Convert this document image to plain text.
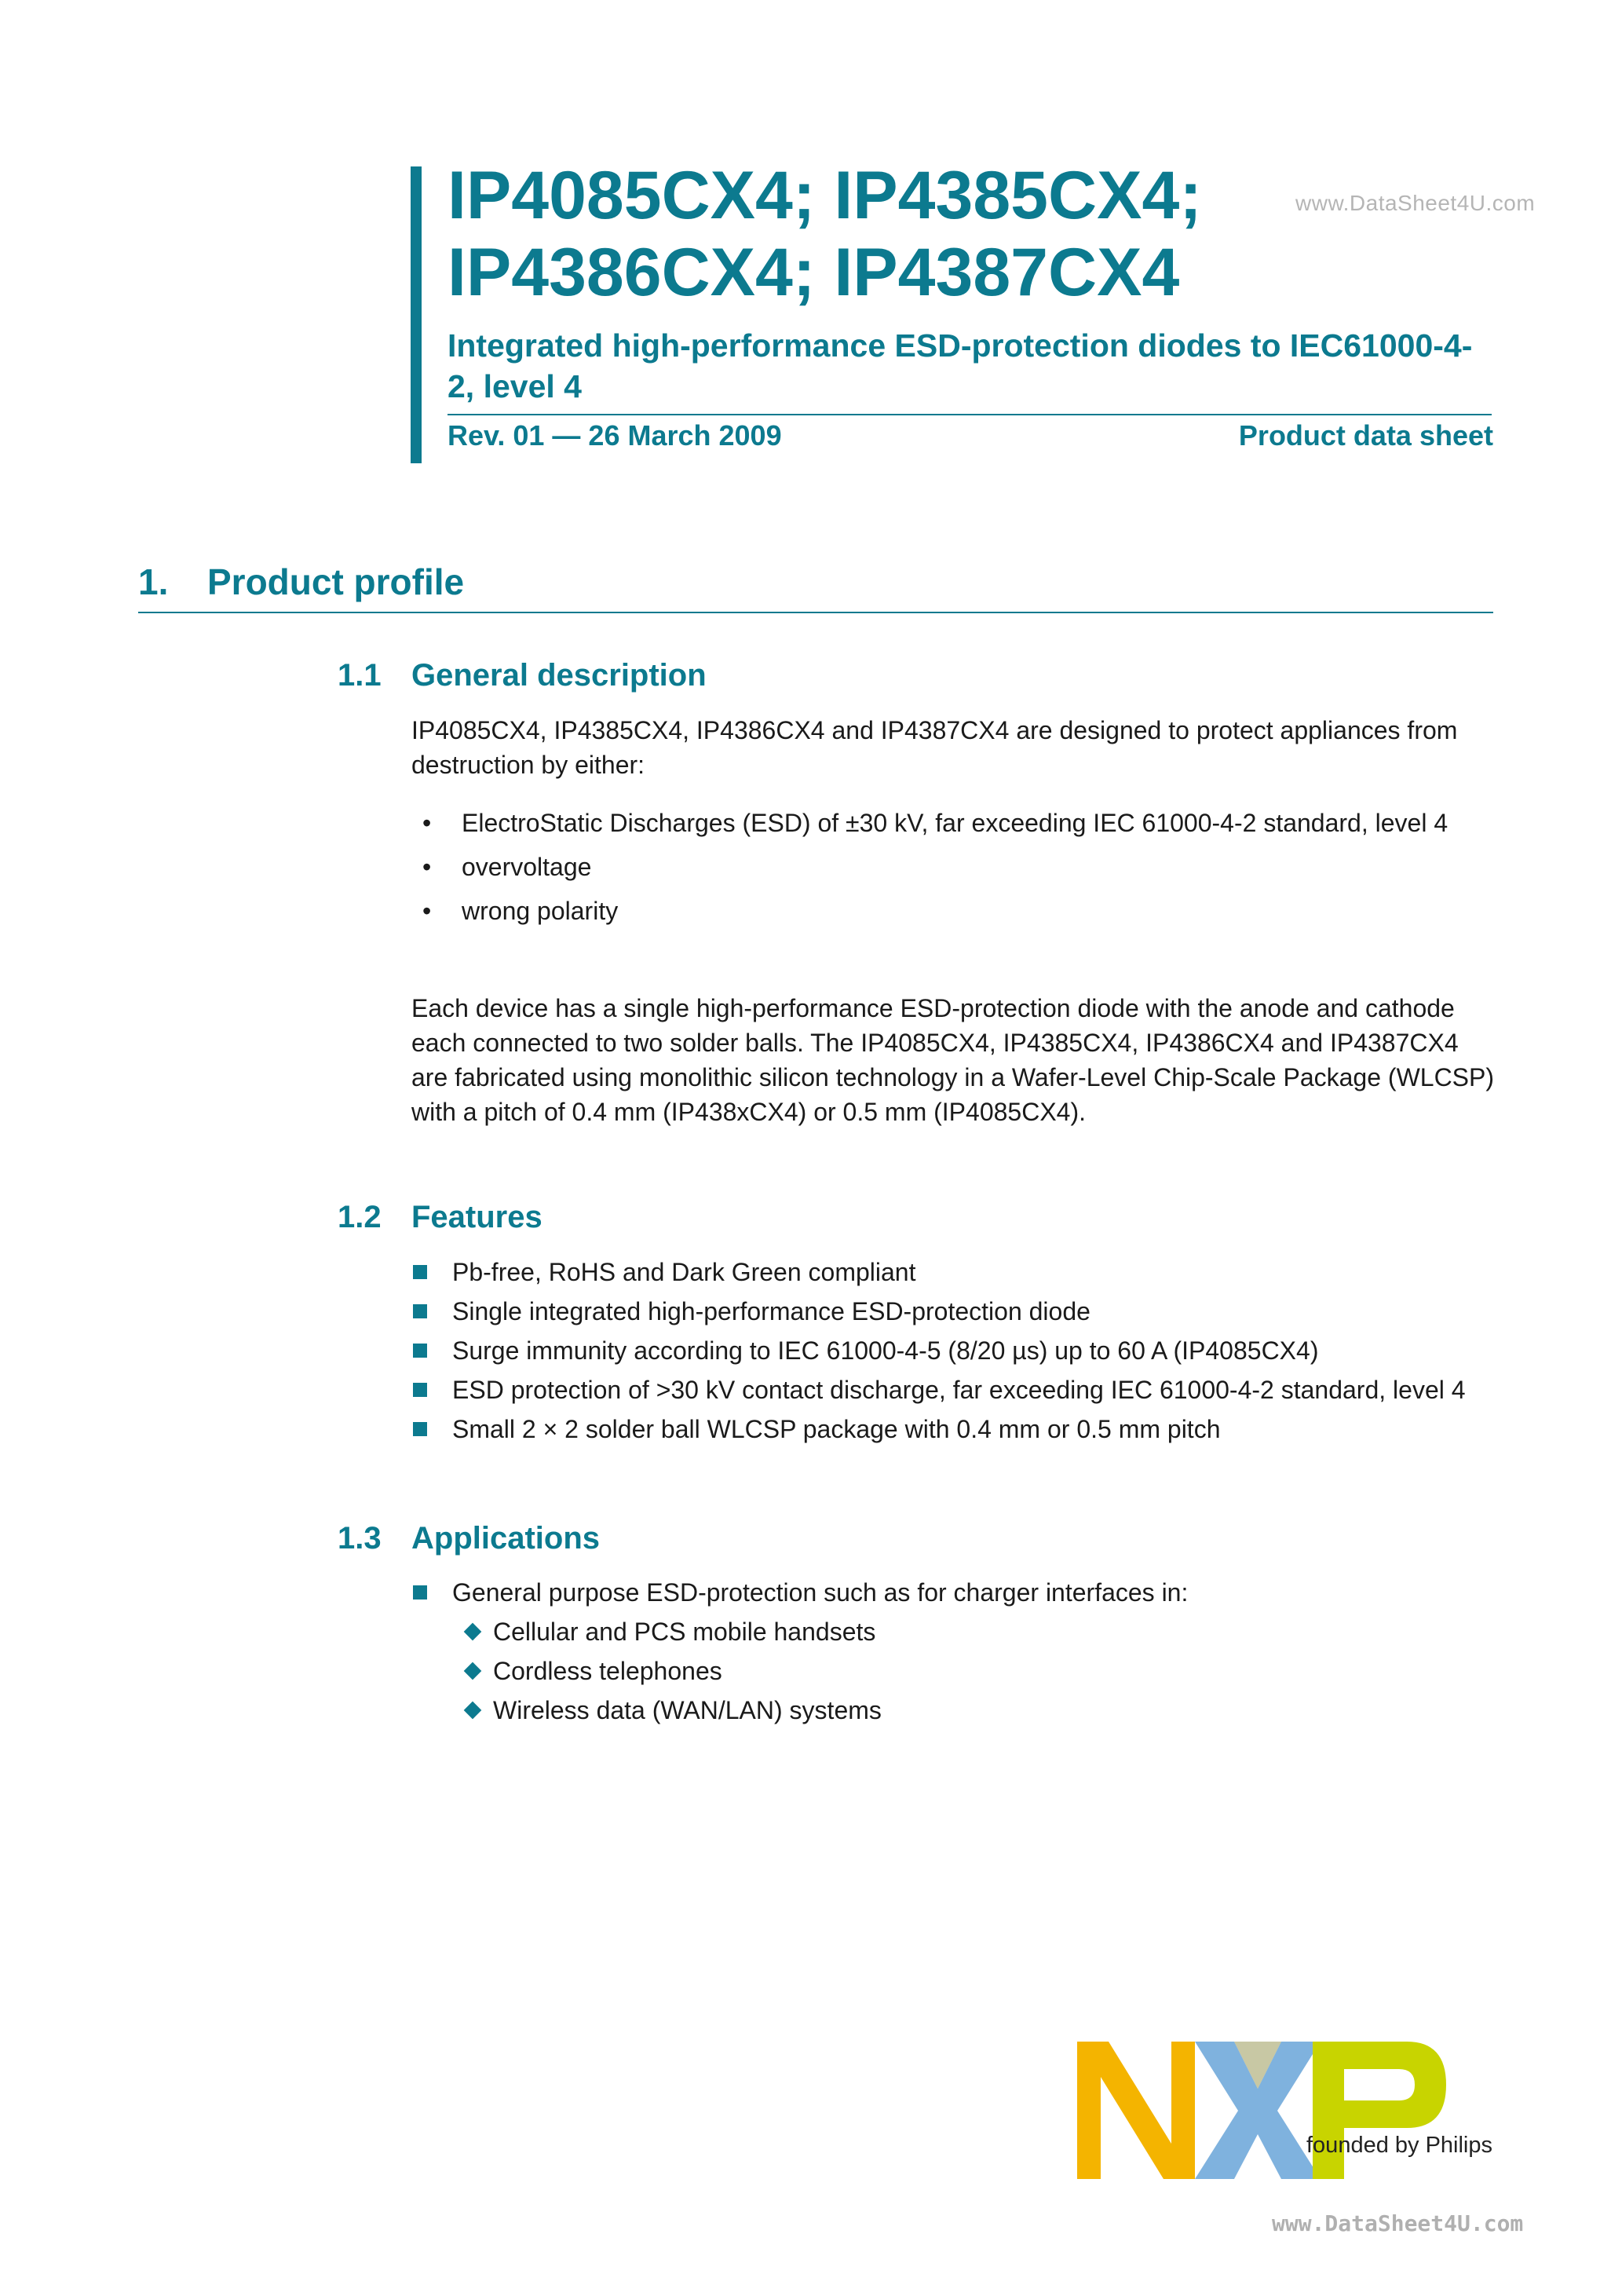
IP4085CX4; IP4385CX4;
IP4386CX4; IP4387CX4
www.DataSheet4U.com
Integrated high-performance ESD-protection diodes to IEC61000-4-2, level 4
Rev. 01 — 26 March 2009	Product data sheet
1. Product profile
1.1 General description
IP4085CX4, IP4385CX4, IP4386CX4 and IP4387CX4 are designed to protect appliances from destruction by either:
• ElectroStatic Discharges (ESD) of ±30 kV, far exceeding IEC 61000-4-2 standard, level 4
• overvoltage
• wrong polarity
Each device has a single high-performance ESD-protection diode with the anode and cathode each connected to two solder balls. The IP4085CX4, IP4385CX4, IP4386CX4 and IP4387CX4 are fabricated using monolithic silicon technology in a Wafer-Level Chip-Scale Package (WLCSP) with a pitch of 0.4 mm (IP438xCX4) or 0.5 mm (IP4085CX4).
1.2 Features
Pb-free, RoHS and Dark Green compliant
Single integrated high-performance ESD-protection diode
Surge immunity according to IEC 61000-4-5 (8/20 µs) up to 60 A (IP4085CX4)
ESD protection of >30 kV contact discharge, far exceeding IEC 61000-4-2 standard, level 4
Small 2 × 2 solder ball WLCSP package with 0.4 mm or 0.5 mm pitch
1.3 Applications
General purpose ESD-protection such as for charger interfaces in:
Cellular and PCS mobile handsets
Cordless telephones
Wireless data (WAN/LAN) systems
founded by Philips
www.DataSheet4U.com
